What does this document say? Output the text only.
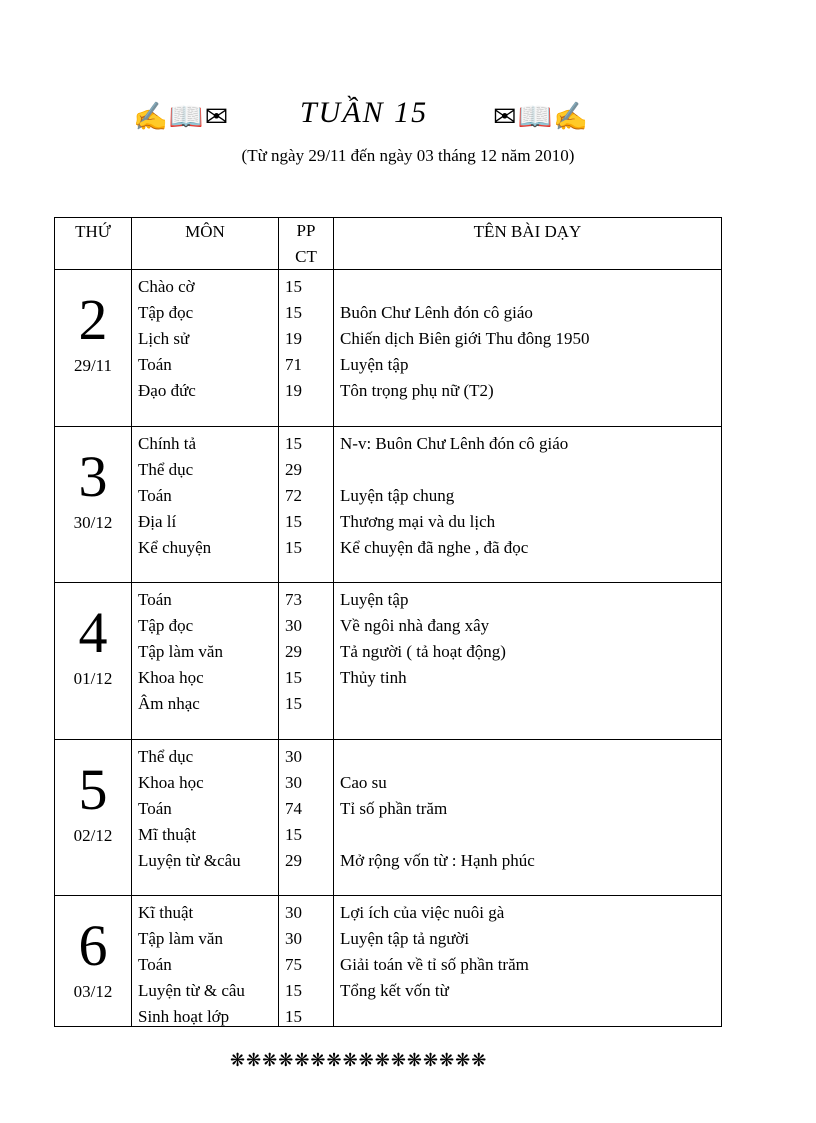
✍📖✉ TUẦN 15 ✉📖✍
(Từ ngày 29/11 đến ngày 03 tháng 12 năm 2010)
THỨ	MÔN	PP
CT
TÊN BÀI DẠY
2
29/11
Chào cờ
Tập đọc
Lịch sử
Toán
Đạo đức
15
15
19
71
19
Buôn Chư Lênh đón cô giáo
Chiến dịch Biên giới Thu đông 1950
Luyện tập
Tôn trọng phụ nữ (T2)
3
30/12
Chính tả
Thể dục
Toán
Địa lí
Kể chuyện
15
29
72
15
15
N-v: Buôn Chư Lênh đón cô giáo
Luyện tập chung
Thương mại và du lịch
Kể chuyện đã nghe , đã đọc
4
01/12
Toán
Tập đọc
Tập làm văn
Khoa học
Âm nhạc
73
30
29
15
15
Luyện tập
Về ngôi nhà đang xây
Tả người ( tả hoạt động)
Thủy tinh
5
02/12
Thể dục
Khoa học
Toán
Mĩ thuật
Luyện từ &câu
30
30
74
15
29
Cao su
Tỉ số phần trăm
Mở rộng vốn từ : Hạnh phúc
6
03/12
Kĩ thuật
Tập làm văn
Toán
Luyện từ & câu
Sinh hoạt lớp
30
30
75
15
15
Lợi ích của việc nuôi gà
Luyện tập tả người
Giải toán về tỉ số phần trăm
Tổng kết vốn từ
❋❋❋❋❋❋❋❋❋❋❋❋❋❋❋❋
